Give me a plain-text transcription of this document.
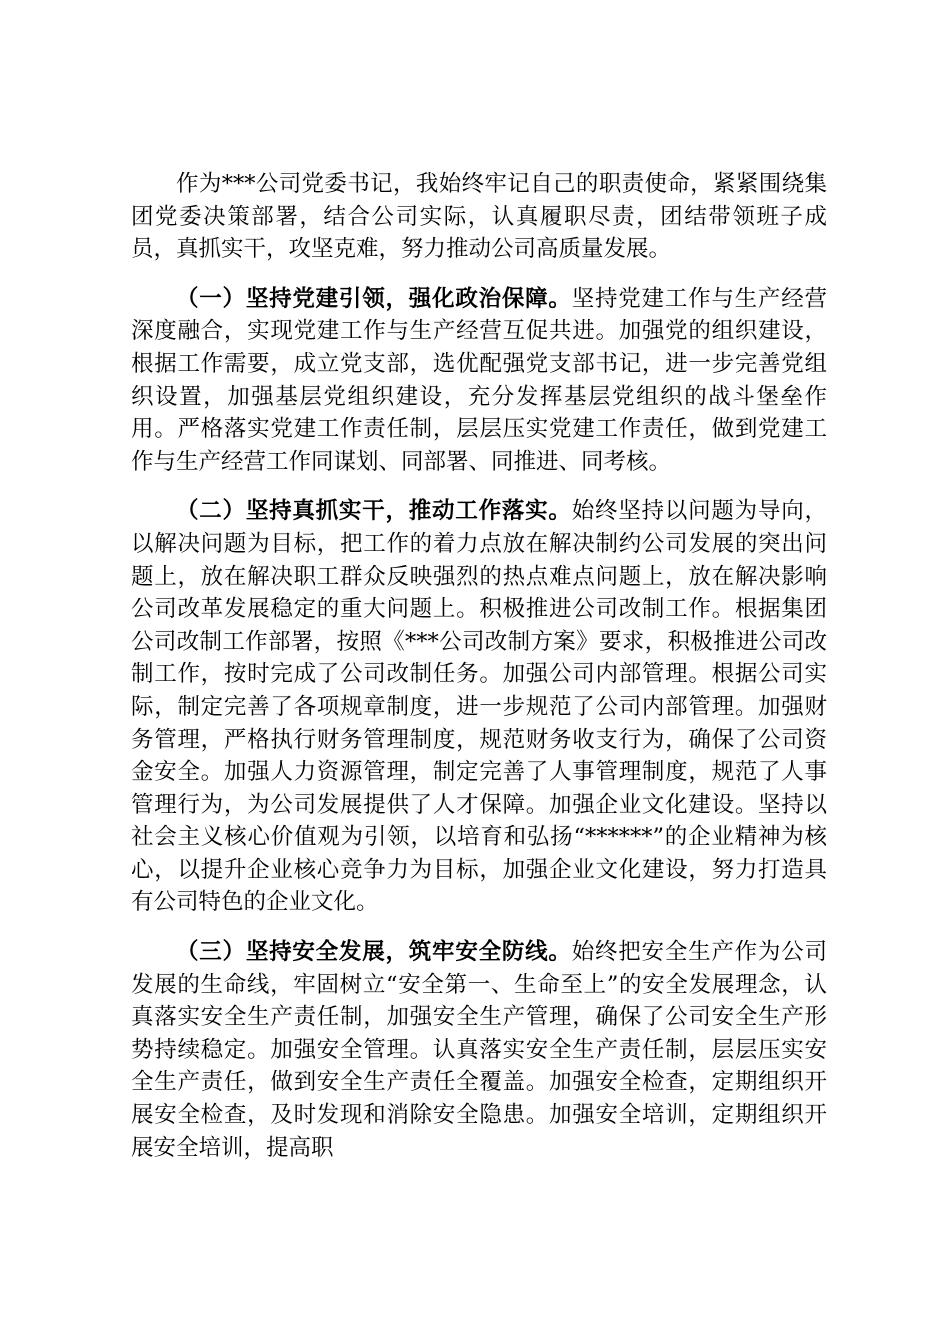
作为***公司党委书记，我始终牢记自己的职责使命，紧紧围绕集团党委决策部署，结合公司实际，认真履职尽责，团结带领班子成员，真抓实干，攻坚克难，努力推动公司高质量发展。

（一）坚持党建引领，强化政治保障。坚持党建工作与生产经营深度融合，实现党建工作与生产经营互促共进。加强党的组织建设，根据工作需要，成立党支部，选优配强党支部书记，进一步完善党组织设置，加强基层党组织建设，充分发挥基层党组织的战斗堡垒作用。严格落实党建工作责任制，层层压实党建工作责任，做到党建工作与生产经营工作同谋划、同部署、同推进、同考核。

（二）坚持真抓实干，推动工作落实。始终坚持以问题为导向，以解决问题为目标，把工作的着力点放在解决制约公司发展的突出问题上，放在解决职工群众反映强烈的热点难点问题上，放在解决影响公司改革发展稳定的重大问题上。积极推进公司改制工作。根据集团公司改制工作部署，按照《***公司改制方案》要求，积极推进公司改制工作，按时完成了公司改制任务。加强公司内部管理。根据公司实际，制定完善了各项规章制度，进一步规范了公司内部管理。加强财务管理，严格执行财务管理制度，规范财务收支行为，确保了公司资金安全。加强人力资源管理，制定完善了人事管理制度，规范了人事管理行为，为公司发展提供了人才保障。加强企业文化建设。坚持以社会主义核心价值观为引领，以培育和弘扬“******”的企业精神为核心，以提升企业核心竞争力为目标，加强企业文化建设，努力打造具有公司特色的企业文化。

（三）坚持安全发展，筑牢安全防线。始终把安全生产作为公司发展的生命线，牢固树立“安全第一、生命至上”的安全发展理念，认真落实安全生产责任制，加强安全生产管理，确保了公司安全生产形势持续稳定。加强安全管理。认真落实安全生产责任制，层层压实安全生产责任，做到安全生产责任全覆盖。加强安全检查，定期组织开展安全检查，及时发现和消除安全隐患。加强安全培训，定期组织开展安全培训，提高职
